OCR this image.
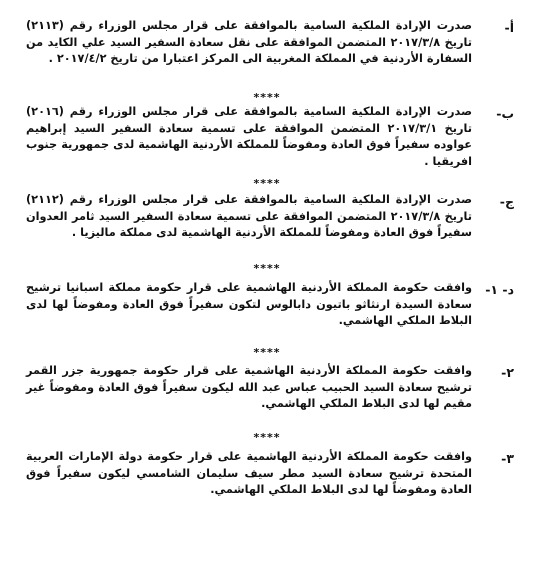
أ-
صدرت الإرادة الملكية السامية بالموافقة على قرار مجلس الوزراء رقم (٢١١٣) تاريخ ٢٠١٧/٣/٨ المتضمن الموافقة على نقل سعادة السفير السيد علي الكايد من السفارة الأردنية في المملكة المغربية الى المركز اعتبارا من تاريخ ٢٠١٧/٤/٢ .
****
ب-
صدرت الإرادة الملكية السامية بالموافقة على قرار مجلس الوزراء رقم (٢٠١٦) تاريخ ٢٠١٧/٣/١ المتضمن الموافقة على تسمية سعادة السفير السيد إبراهيم عواوده سفيراً فوق العادة ومفوضاً للمملكة الأردنية الهاشمية لدى جمهورية جنوب افريقيا .
****
ج-
صدرت الإرادة الملكية السامية بالموافقة على قرار مجلس الوزراء رقم (٢١١٢) تاريخ ٢٠١٧/٣/٨ المتضمن الموافقة على تسمية سعادة السفير السيد ثامر العدوان سفيراً فوق العادة ومفوضاً للمملكة الأردنية الهاشمية لدى مملكة ماليزيا .
****
د- ١-
وافقت حكومة المملكة الأردنية الهاشمية على قرار حكومة مملكة اسبانيا ترشيح سعادة السيدة ارنثاثو باتيون دابالوس لتكون سفيراً فوق العادة ومفوضاً لها لدى البلاط الملكي الهاشمي.
****
٢-
وافقت حكومة المملكة الأردنية الهاشمية على قرار حكومة جمهورية جزر القمر ترشيح سعادة السيد الحبيب عباس عبد الله ليكون سفيراً فوق العادة ومفوضاً غير مقيم لها لدى البلاط الملكي الهاشمي.
****
٣-
وافقت حكومة المملكة الأردنية الهاشمية على قرار حكومة دولة الإمارات العربية المتحدة ترشيح سعادة السيد مطر سيف سليمان الشامسي ليكون سفيراً فوق العادة ومفوضاً لها لدى البلاط الملكي الهاشمي.
